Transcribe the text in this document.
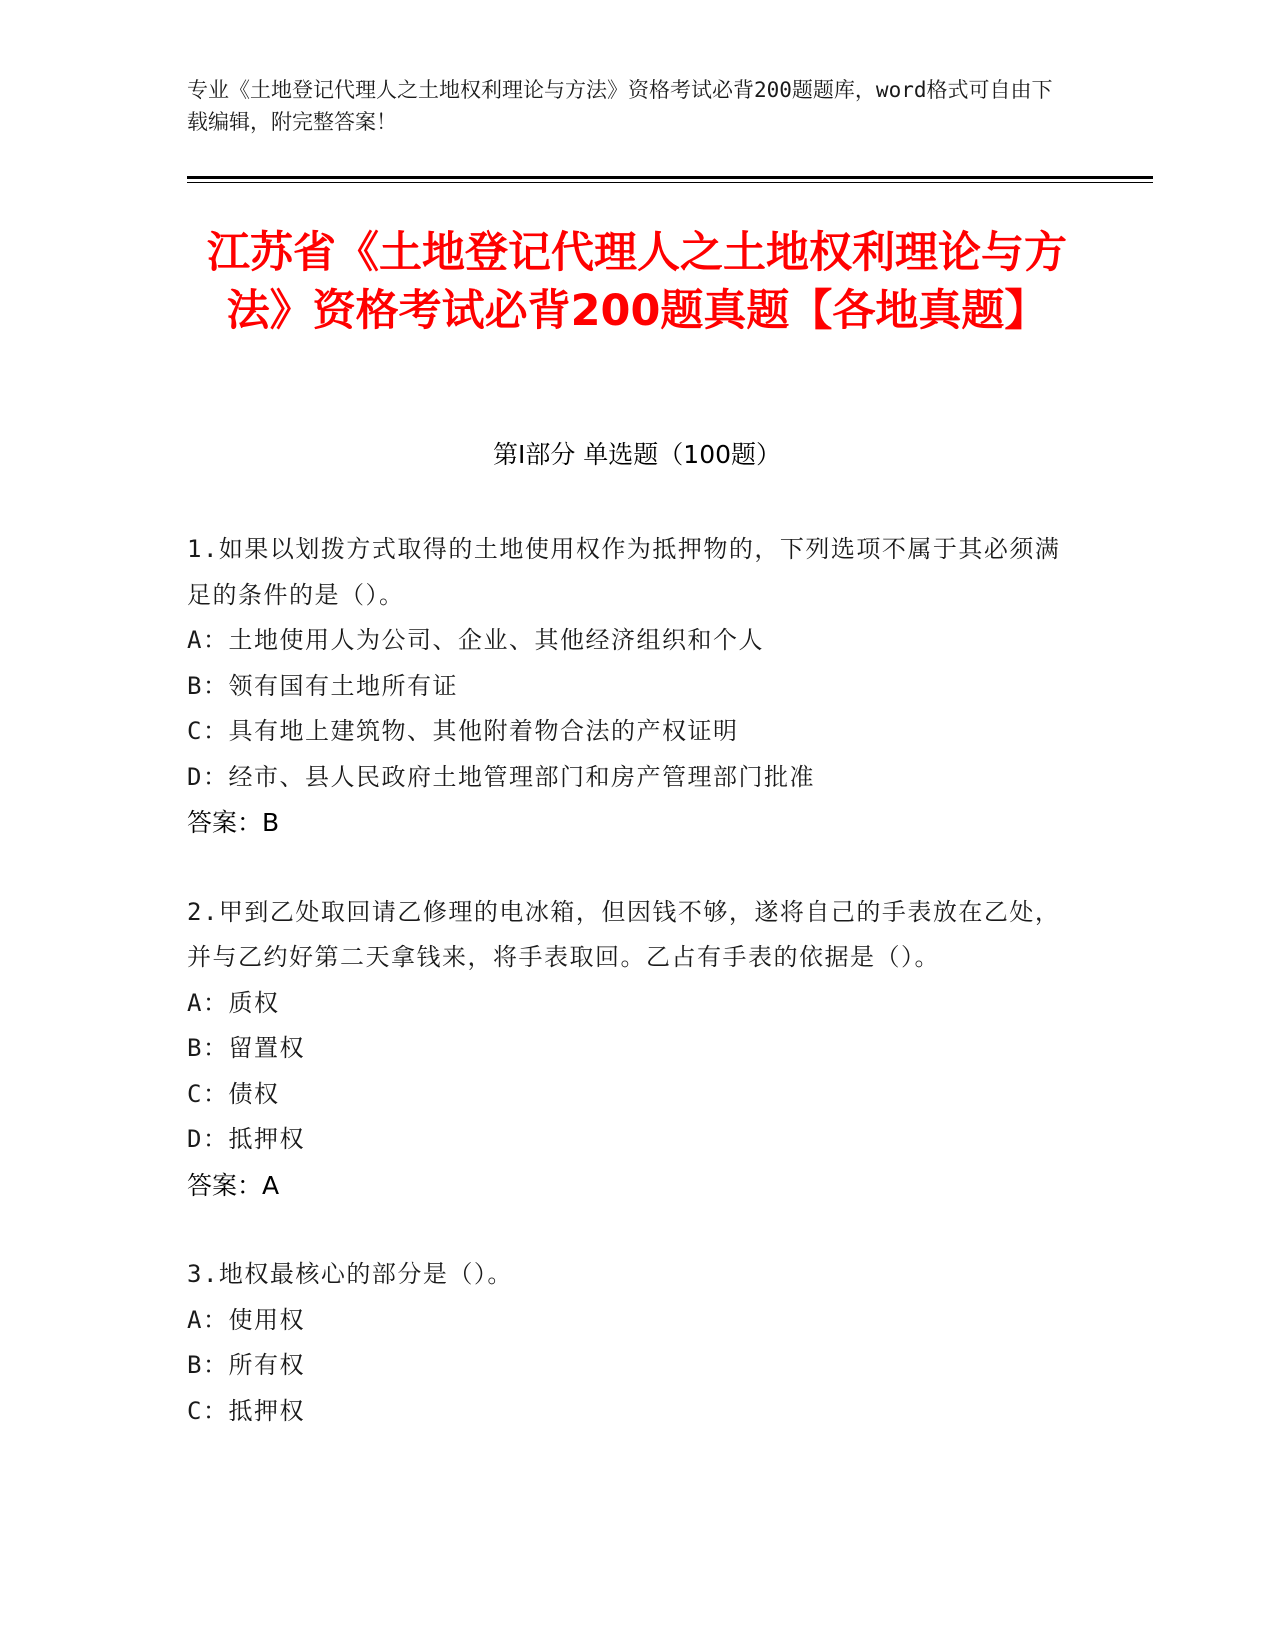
专业《土地登记代理人之土地权利理论与方法》资格考试必背200题题库，word格式可自由下载编辑，附完整答案！
江苏省《土地登记代理人之土地权利理论与方法》资格考试必背200题真题【各地真题】
第I部分 单选题（100题）

1.如果以划拨方式取得的土地使用权作为抵押物的，下列选项不属于其必须满足的条件的是（）。

A：土地使用人为公司、企业、其他经济组织和个人

B：领有国有土地所有证

C：具有地上建筑物、其他附着物合法的产权证明

D：经市、县人民政府土地管理部门和房产管理部门批准

答案：B

2.甲到乙处取回请乙修理的电冰箱，但因钱不够，遂将自己的手表放在乙处，并与乙约好第二天拿钱来，将手表取回。乙占有手表的依据是（）。

A：质权

B：留置权

C：债权

D：抵押权

答案：A

3.地权最核心的部分是（）。

A：使用权

B：所有权

C：抵押权
